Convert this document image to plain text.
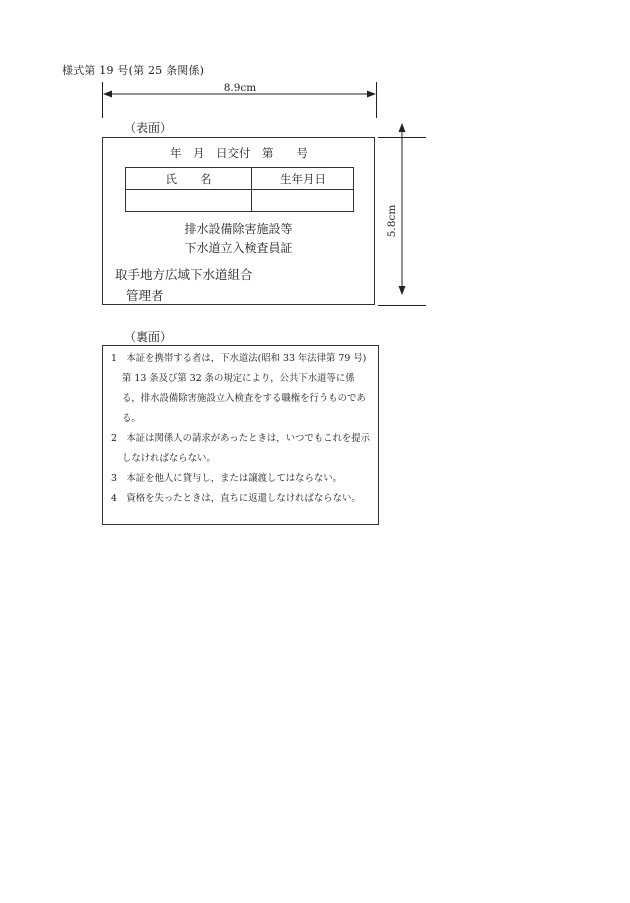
様式第 19 号(第 25 条関係)
8.9cm
5.8cm
（表面）
年　月　日交付　第　　号
氏　　名	生年月日
排水設備除害施設等
下水道立入検査員証
取手地方広域下水道組合
管理者
（裏面）
1　本証を携帯する者は，下水道法(昭和 33 年法律第 79 号)第 13 条及び第 32 条の規定により，公共下水道等に係る，排水設備除害施設立入検査をする職権を行うものである。
2　本証は関係人の請求があったときは，いつでもこれを提示しなければならない。
3　本証を他人に貸与し，または譲渡してはならない。
4　資格を失ったときは，直ちに返還しなければならない。
